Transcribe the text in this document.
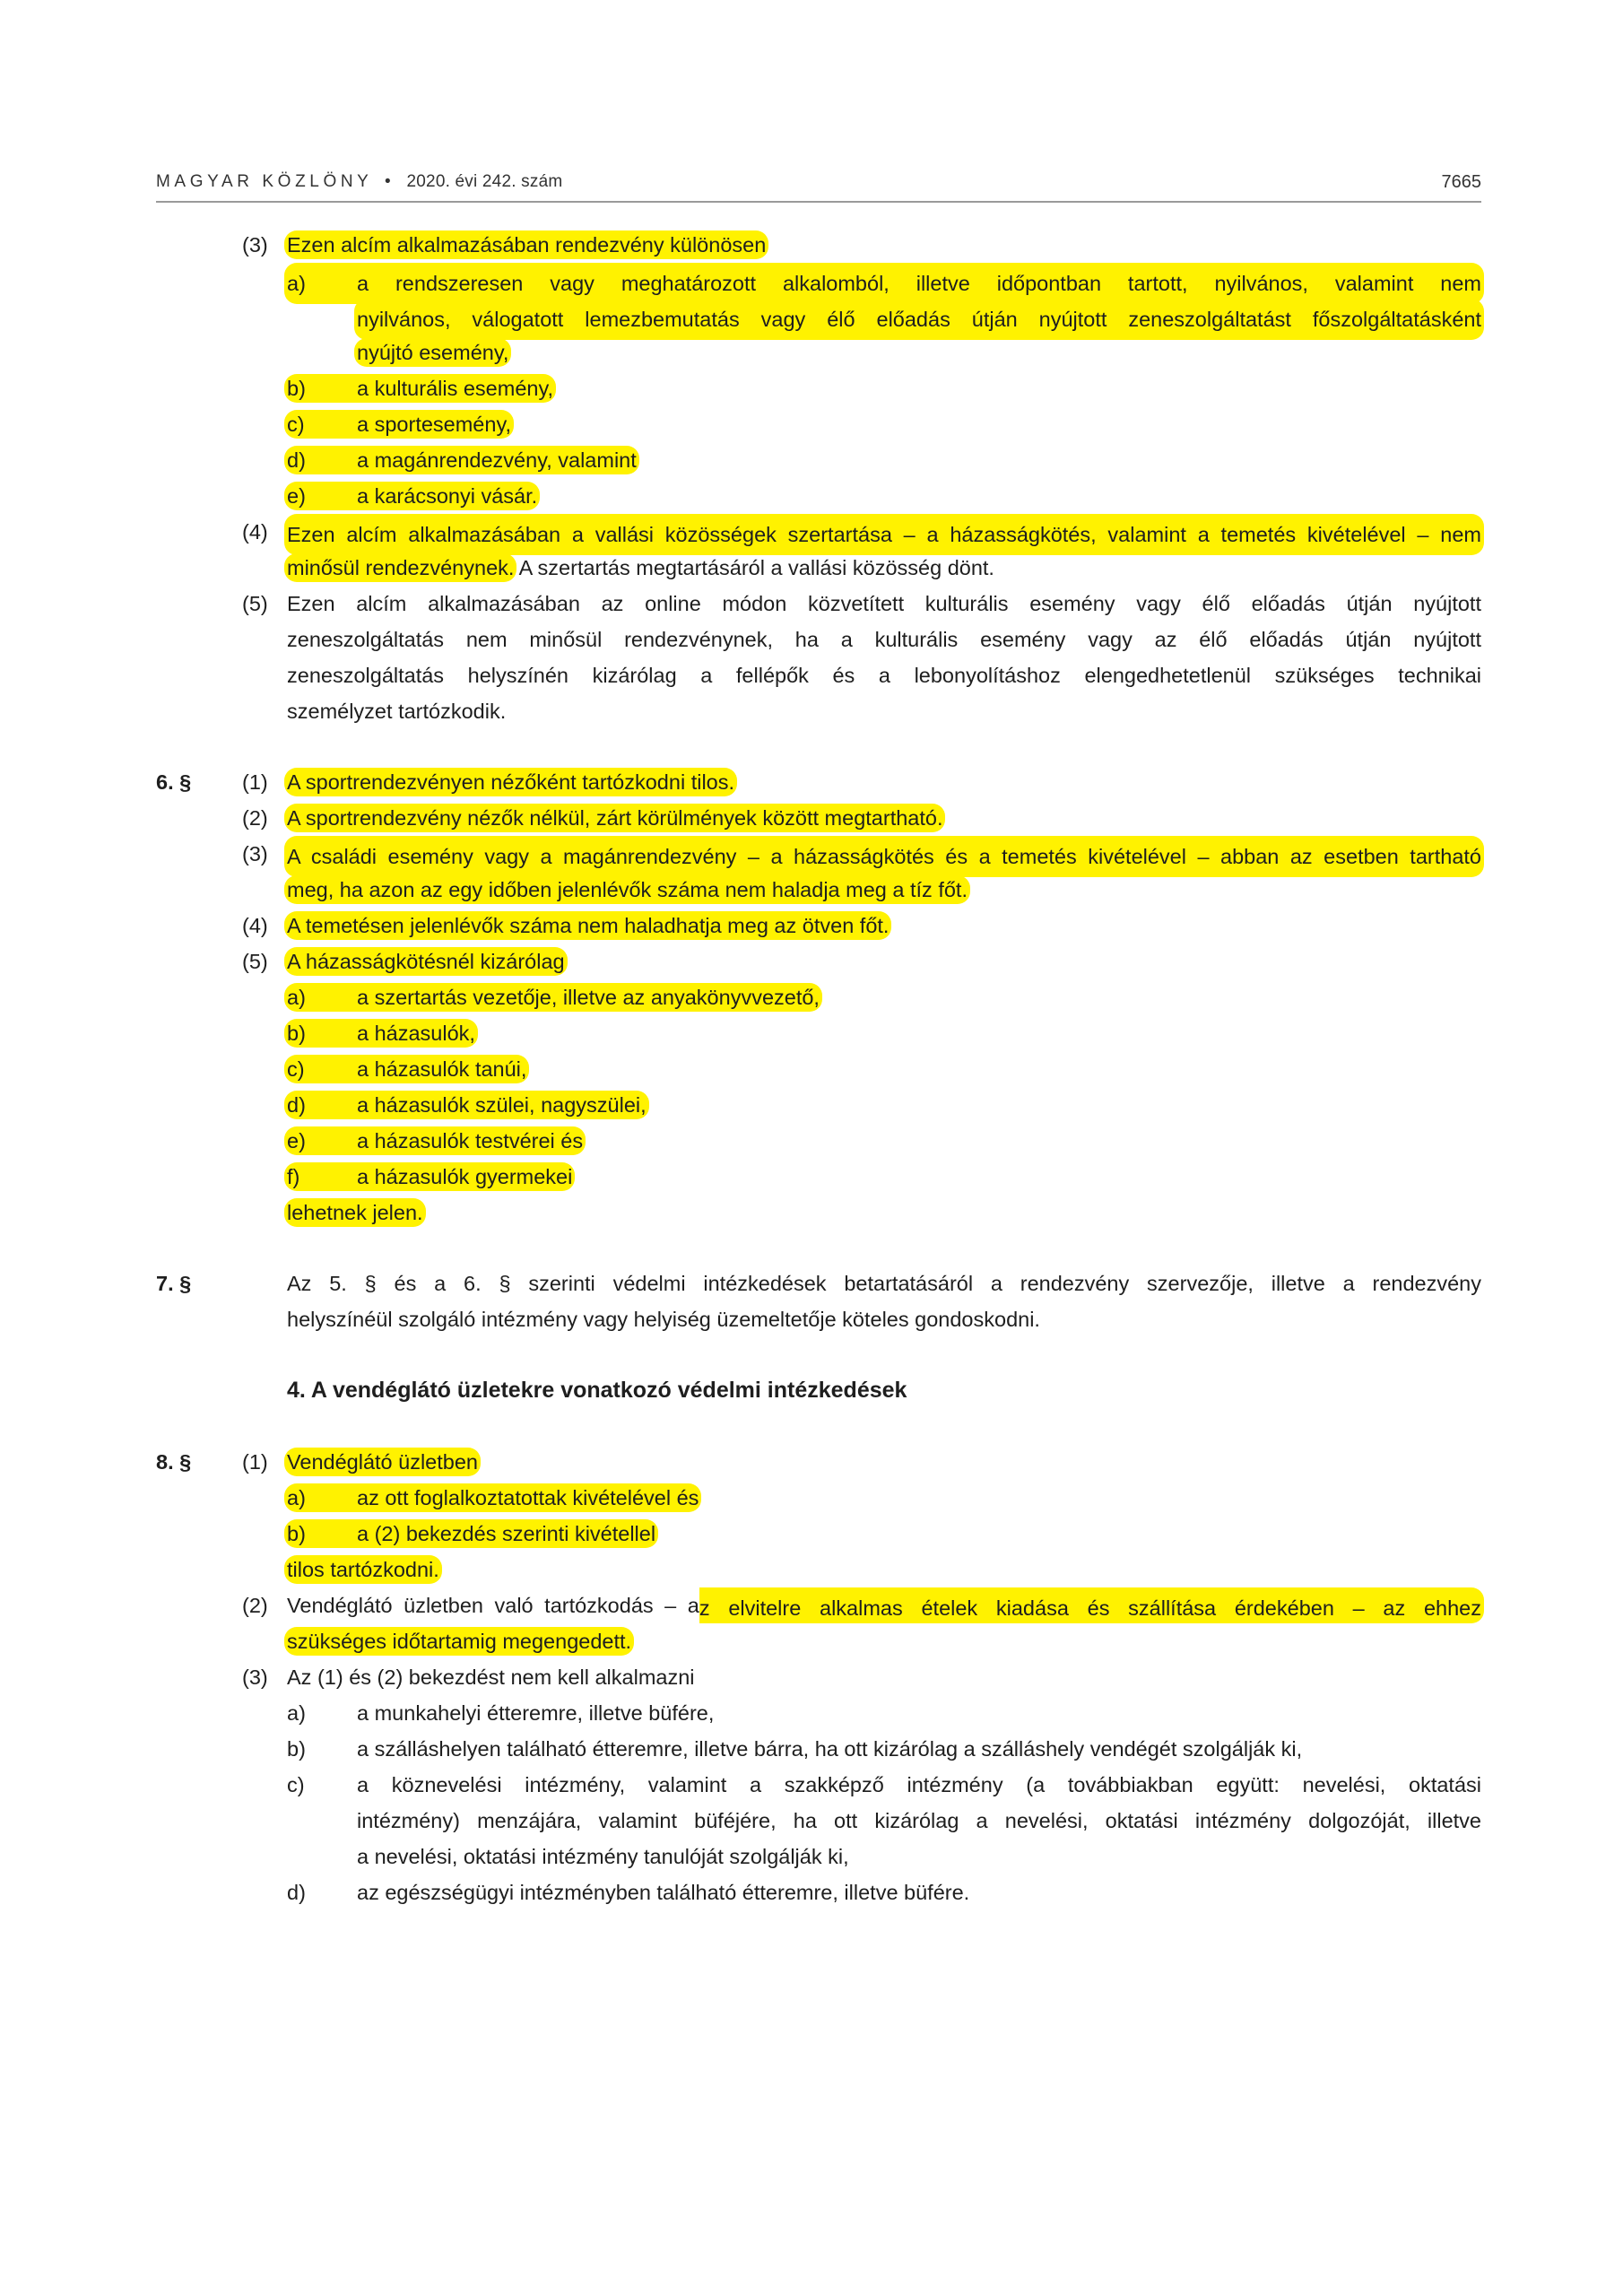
MAGYAR KÖZLÖNY • 2020. évi 242. szám	7665
(3) Ezen alcím alkalmazásában rendezvény különösen
a) a rendszeresen vagy meghatározott alkalomból, illetve időpontban tartott, nyilvános, valamint nem
nyilvános, válogatott lemezbemutatás vagy élő előadás útján nyújtott zeneszolgáltatást főszolgáltatásként
nyújtó esemény,
b) a kulturális esemény,
c) a sportesemény,
d) a magánrendezvény, valamint
e) a karácsonyi vásár.
(4) Ezen alcím alkalmazásában a vallási közösségek szertartása – a házasságkötés, valamint a temetés kivételével – nem
minősül rendezvénynek. A szertartás megtartásáról a vallási közösség dönt.
(5) Ezen alcím alkalmazásában az online módon közvetített kulturális esemény vagy élő előadás útján nyújtott
zeneszolgáltatás nem minősül rendezvénynek, ha a kulturális esemény vagy az élő előadás útján nyújtott
zeneszolgáltatás helyszínén kizárólag a fellépők és a lebonyolításhoz elengedhetetlenül szükséges technikai
személyzet tartózkodik.
6. § (1) A sportrendezvényen nézőként tartózkodni tilos.
(2) A sportrendezvény nézők nélkül, zárt körülmények között megtartható.
(3) A családi esemény vagy a magánrendezvény – a házasságkötés és a temetés kivételével – abban az esetben tartható
meg, ha azon az egy időben jelenlévők száma nem haladja meg a tíz főt.
(4) A temetésen jelenlévők száma nem haladhatja meg az ötven főt.
(5) A házasságkötésnél kizárólag
a) a szertartás vezetője, illetve az anyakönyvvezető,
b) a házasulók,
c) a házasulók tanúi,
d) a házasulók szülei, nagyszülei,
e) a házasulók testvérei és
f)	a házasulók gyermekei
lehetnek jelen.
7. §	Az 5. § és a 6. § szerinti védelmi intézkedések betartatásáról a rendezvény szervezője, illetve a rendezvény
helyszínéül szolgáló intézmény vagy helyiség üzemeltetője köteles gondoskodni.
4. A vendéglátó üzletekre vonatkozó védelmi intézkedések
8. § (1) Vendéglátó üzletben
a) az ott foglalkoztatottak kivételével és
b) a (2) bekezdés szerinti kivétellel
tilos tartózkodni.
(2) Vendéglátó üzletben való tartózkodás – a z elvitelre alkalmas ételek kiadása és szállítása érdekében – az ehhez
szükséges időtartamig megengedett.
(3) Az (1) és (2) bekezdést nem kell alkalmazni
a) a munkahelyi étteremre, illetve büfére,
b) a szálláshelyen található étteremre, illetve bárra, ha ott kizárólag a szálláshely vendégét szolgálják ki,
c) a köznevelési intézmény, valamint a szakképző intézmény (a továbbiakban együtt: nevelési, oktatási
intézmény) menzájára, valamint büféjére, ha ott kizárólag a nevelési, oktatási intézmény dolgozóját, illetve
a nevelési, oktatási intézmény tanulóját szolgálják ki,
d) az egészségügyi intézményben található étteremre, illetve büfére.
